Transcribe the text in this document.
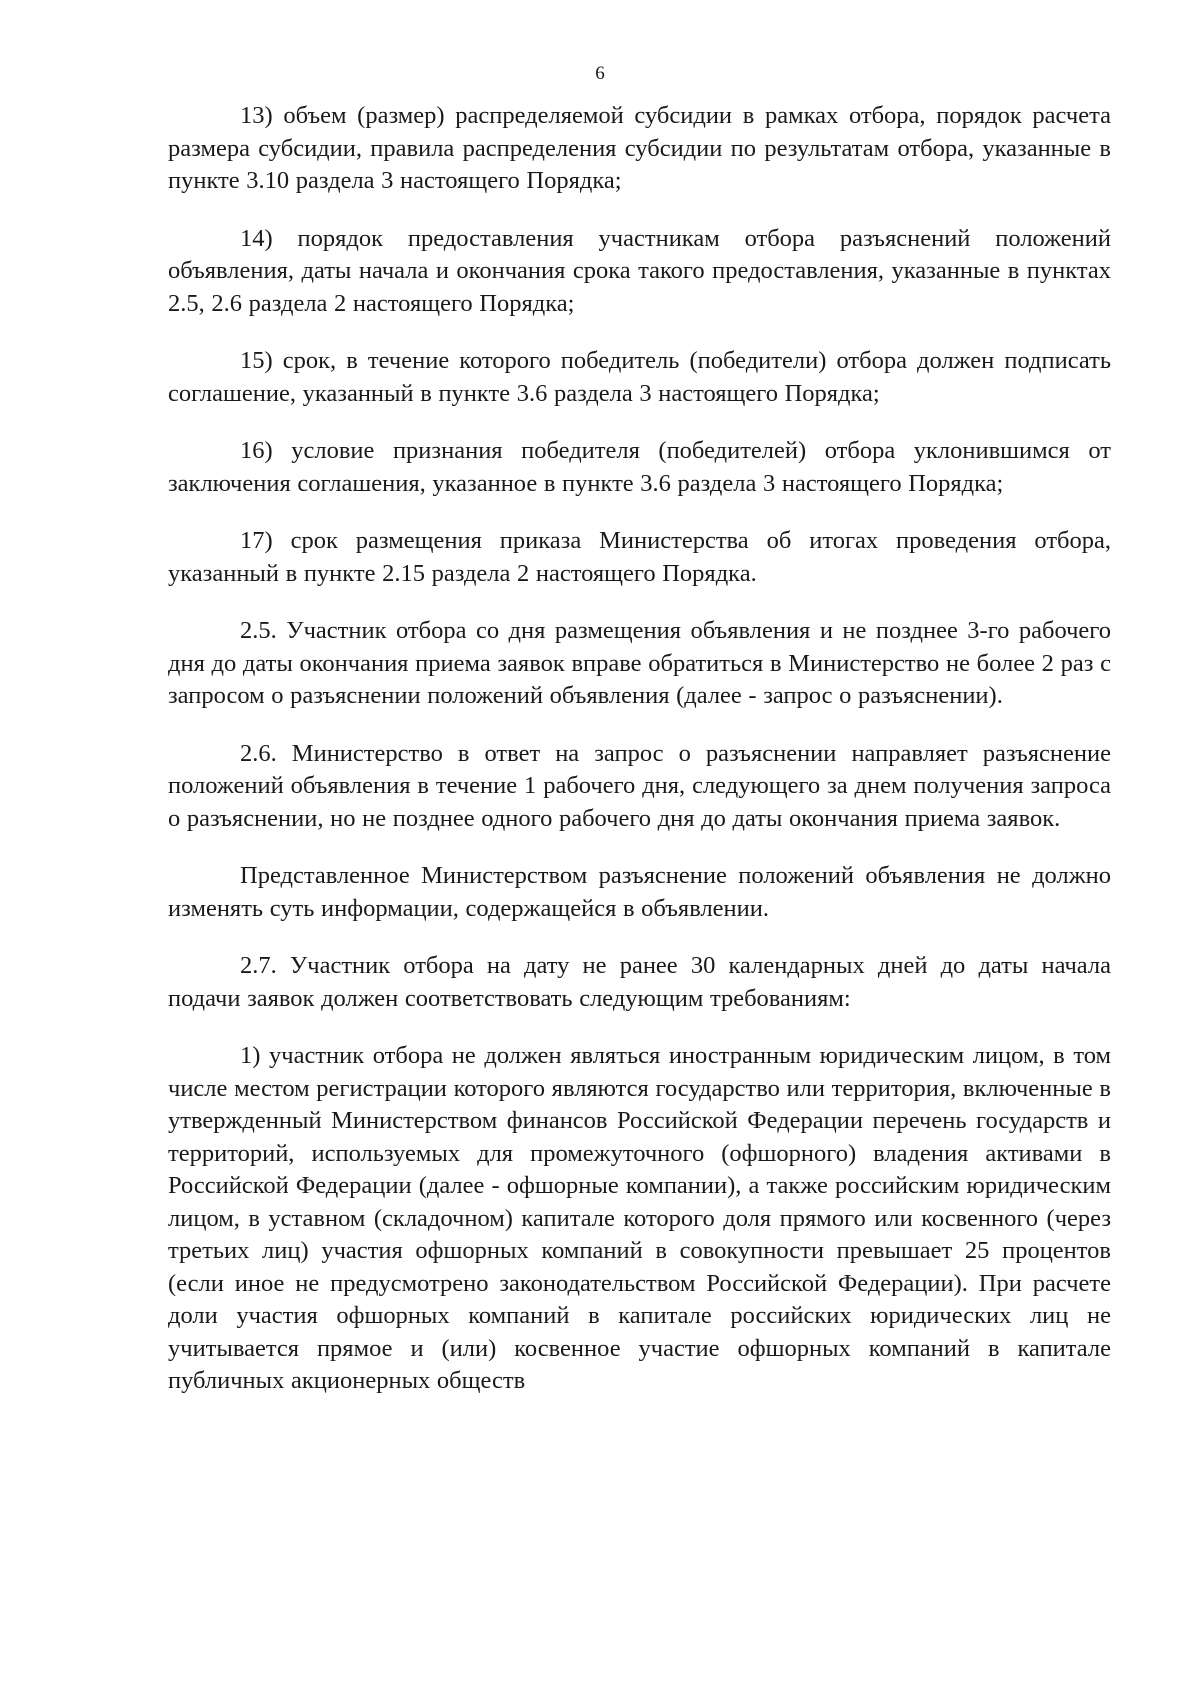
6

13) объем (размер) распределяемой субсидии в рамках отбора, порядок расчета размера субсидии, правила распределения субсидии по результатам отбора, указанные в пункте 3.10 раздела 3 настоящего Порядка;

14) порядок предоставления участникам отбора разъяснений положений объявления, даты начала и окончания срока такого предоставления, указанные в пунктах 2.5, 2.6 раздела 2 настоящего Порядка;

15) срок, в течение которого победитель (победители) отбора должен подписать соглашение, указанный в пункте 3.6 раздела 3 настоящего Порядка;

16) условие признания победителя (победителей) отбора уклонившимся от заключения соглашения, указанное в пункте 3.6 раздела 3 настоящего Порядка;

17) срок размещения приказа Министерства об итогах проведения отбора, указанный в пункте 2.15 раздела 2 настоящего Порядка.

2.5. Участник отбора со дня размещения объявления и не позднее 3-го рабочего дня до даты окончания приема заявок вправе обратиться в Министерство не более 2 раз с запросом о разъяснении положений объявления (далее - запрос о разъяснении).

2.6. Министерство в ответ на запрос о разъяснении направляет разъяснение положений объявления в течение 1 рабочего дня, следующего за днем получения запроса о разъяснении, но не позднее одного рабочего дня до даты окончания приема заявок.

Представленное Министерством разъяснение положений объявления не должно изменять суть информации, содержащейся в объявлении.

2.7. Участник отбора на дату не ранее 30 календарных дней до даты начала подачи заявок должен соответствовать следующим требованиям:

1) участник отбора не должен являться иностранным юридическим лицом, в том числе местом регистрации которого являются государство или территория, включенные в утвержденный Министерством финансов Российской Федерации перечень государств и территорий, используемых для промежуточного (офшорного) владения активами в Российской Федерации (далее - офшорные компании), а также российским юридическим лицом, в уставном (складочном) капитале которого доля прямого или косвенного (через третьих лиц) участия офшорных компаний в совокупности превышает 25 процентов (если иное не предусмотрено законодательством Российской Федерации). При расчете доли участия офшорных компаний в капитале российских юридических лиц не учитывается прямое и (или) косвенное участие офшорных компаний в капитале публичных акционерных обществ
